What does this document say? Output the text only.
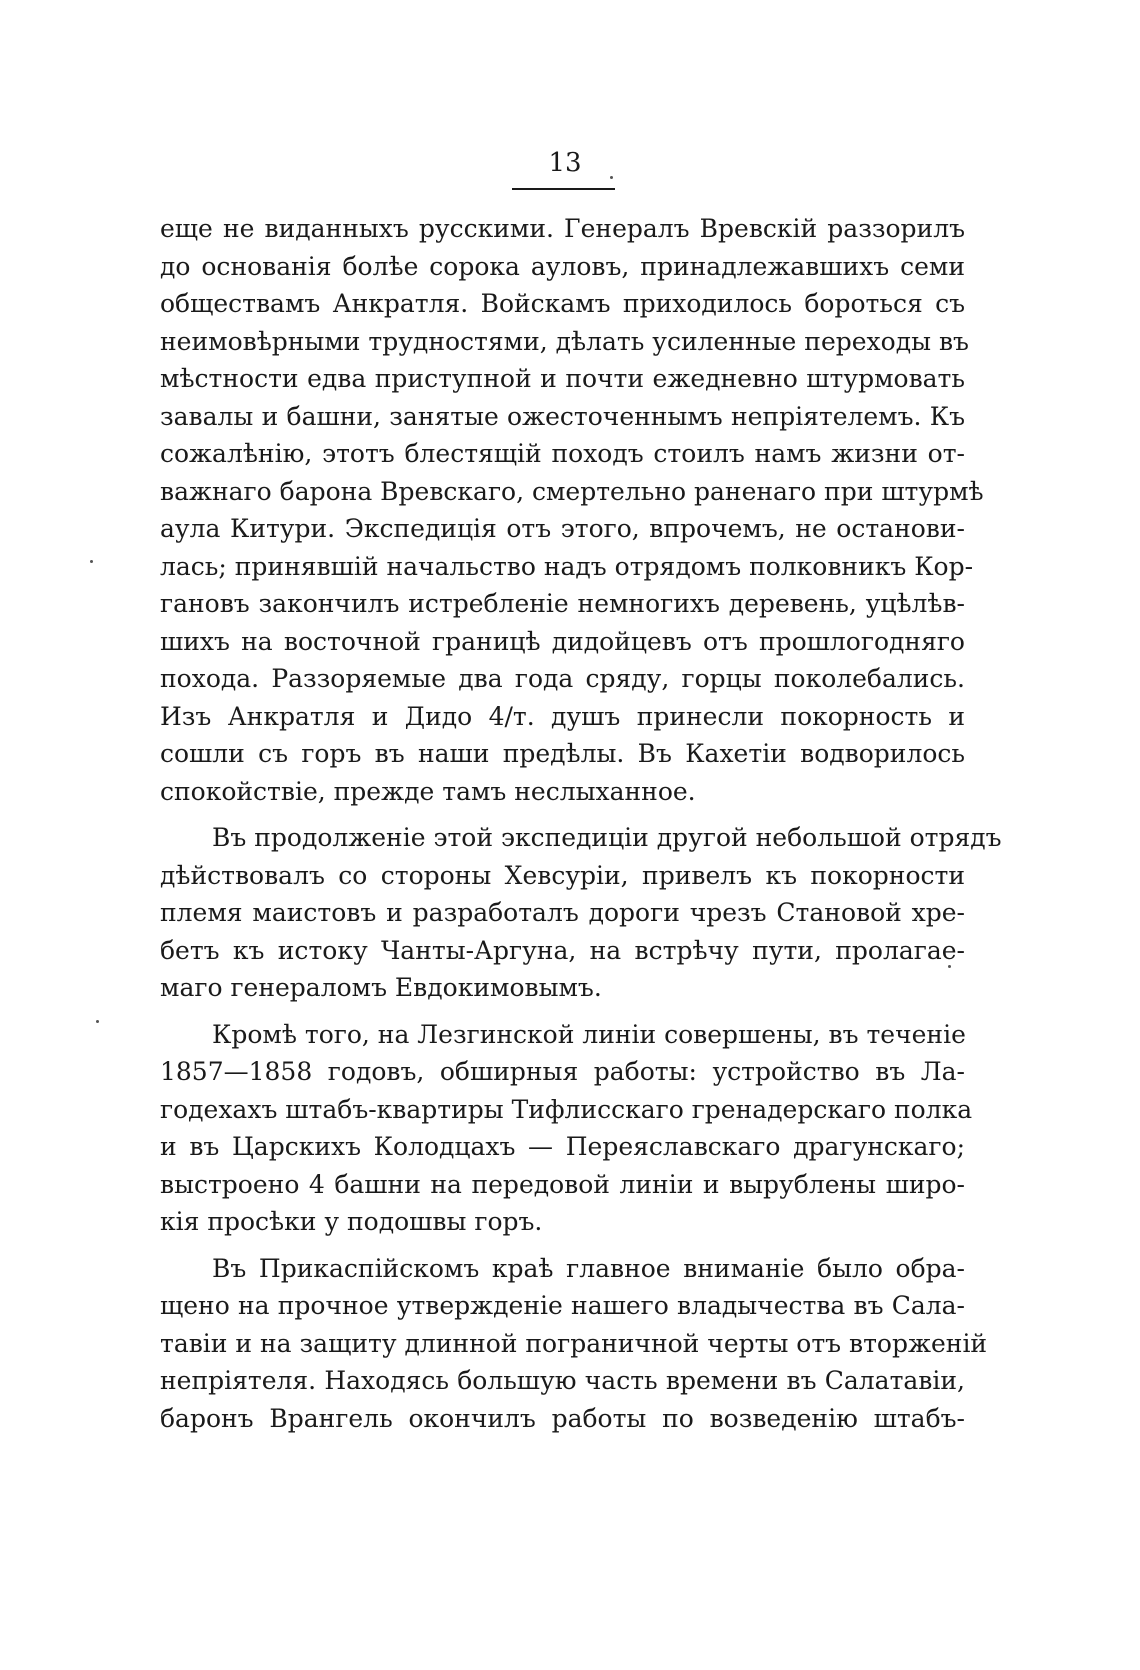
13

еще не виданныхъ русскими. Генералъ Вревскій раззорилъ

до основанія болѣе сорока ауловъ, принадлежавшихъ семи

обществамъ Анкратля. Войскамъ приходилось бороться съ

неимовѣрными трудностями, дѣлать усиленные переходы въ

мѣстности едва приступной и почти ежедневно штурмовать

завалы и башни, занятые ожесточеннымъ непріятелемъ. Къ

сожалѣнію, этотъ блестящій походъ стоилъ намъ жизни от-

важнаго барона Вревскаго, смертельно раненаго при штурмѣ

аула Китури. Экспедиція отъ этого, впрочемъ, не останови-

лась; принявшій начальство надъ отрядомъ полковникъ Кор-

гановъ закончилъ истребленіе немногихъ деревень, уцѣлѣв-

шихъ на восточной границѣ дидойцевъ отъ прошлогодняго

похода. Раззоряемые два года сряду, горцы поколебались.

Изъ Анкратля и Дидо 4/т. душъ принесли покорность и

сошли съ горъ въ наши предѣлы. Въ Кахетіи водворилось

спокойствіе, прежде тамъ неслыханное.

Въ продолженіе этой экспедиціи другой небольшой отрядъ

дѣйствовалъ со стороны Хевсуріи, привелъ къ покорности

племя маистовъ и разработалъ дороги чрезъ Становой хре-

бетъ къ истоку Чанты-Аргуна, на встрѣчу пути, пролагае-

маго генераломъ Евдокимовымъ.

Кромѣ того, на Лезгинской линіи совершены, въ теченіе

1857—1858 годовъ, обширныя работы: устройство въ Ла-

годехахъ штабъ-квартиры Тифлисскаго гренадерскаго полка

и въ Царскихъ Колодцахъ — Переяславскаго драгунскаго;

выстроено 4 башни на передовой линіи и вырублены широ-

кія просѣки у подошвы горъ.

Въ Прикаспійскомъ краѣ главное вниманіе было обра-

щено на прочное утвержденіе нашего владычества въ Сала-

тавіи и на защиту длинной пограничной черты отъ вторженій

непріятеля. Находясь большую часть времени въ Салатавіи,

баронъ Врангель окончилъ работы по возведенію штабъ-
